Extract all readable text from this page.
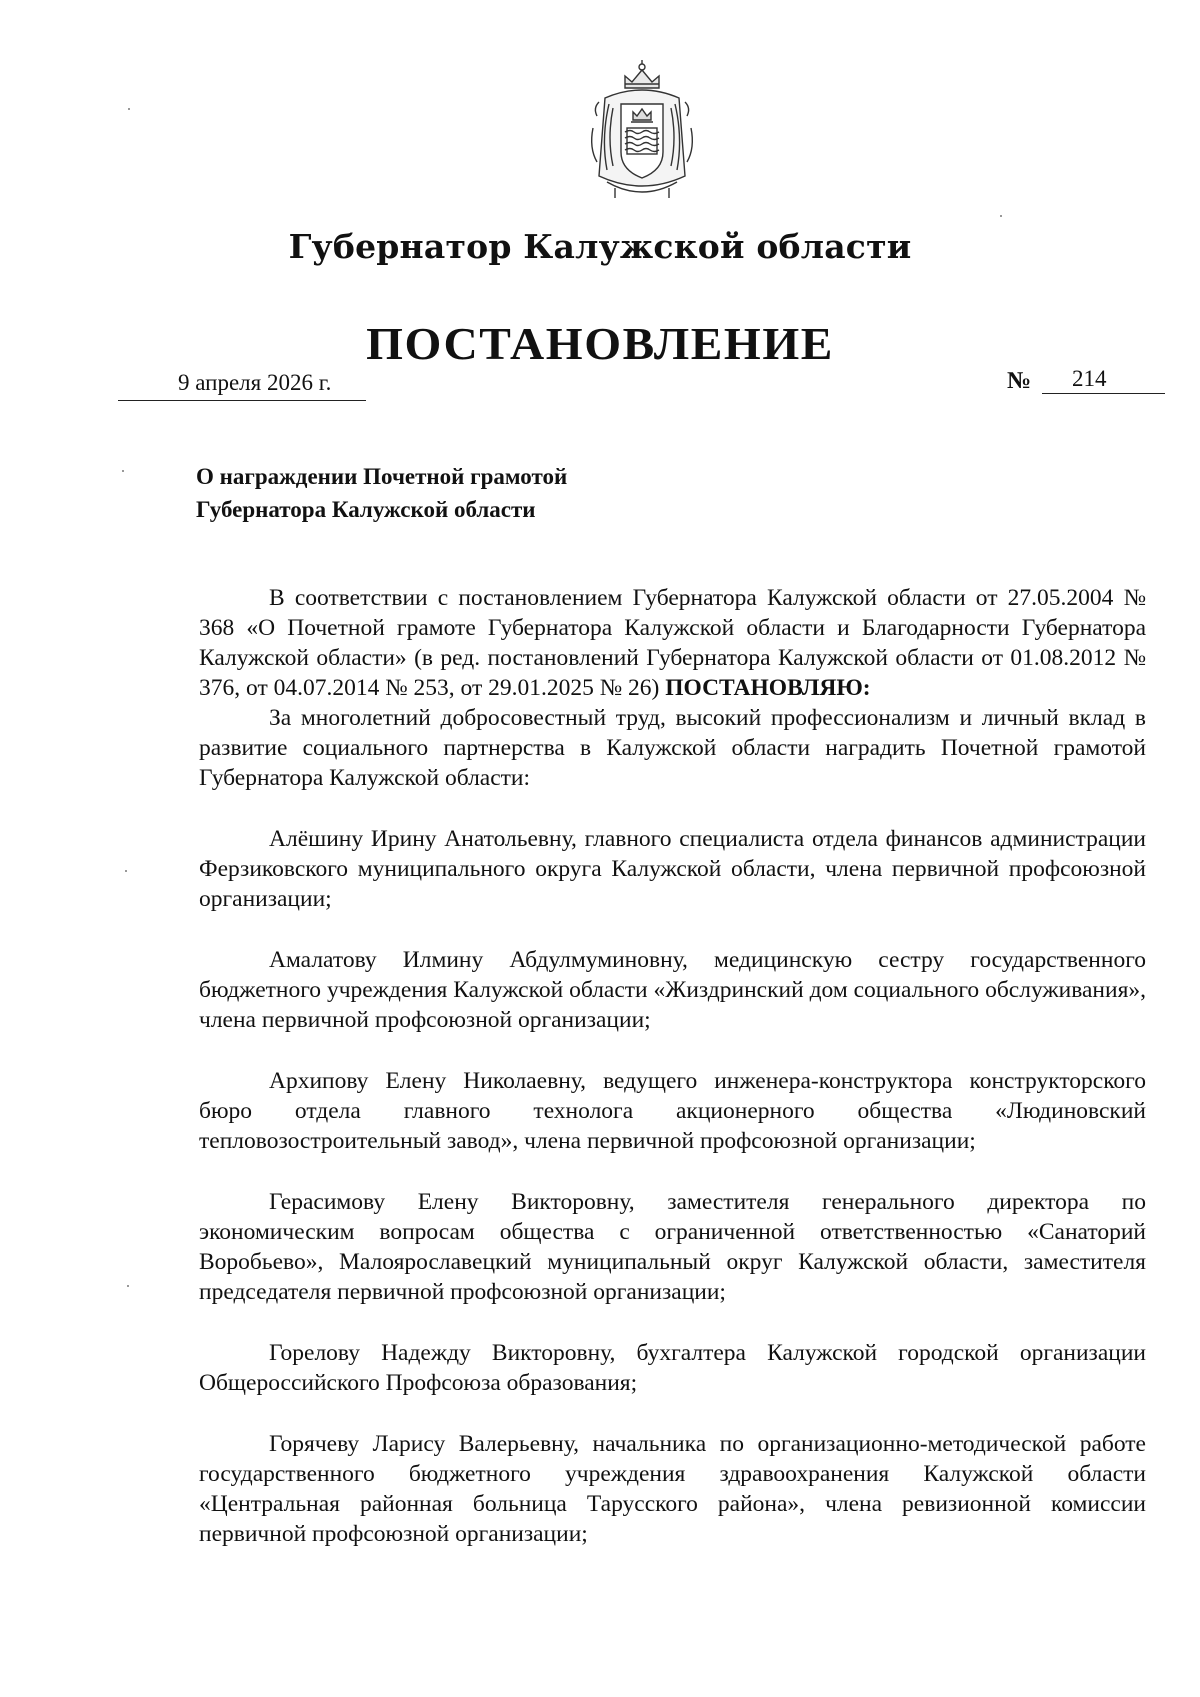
Губернатор Калужской области
ПОСТАНОВЛЕНИЕ
9 апреля 2026 г.	№ 214
О награждении Почетной грамотой
Губернатора Калужской области

В соответствии с постановлением Губернатора Калужской области от 27.05.2004 № 368 «О Почетной грамоте Губернатора Калужской области и Благодарности Губернатора Калужской области» (в ред. постановлений Губернатора Калужской области от 01.08.2012 № 376, от 04.07.2014 № 253, от 29.01.2025 № 26) ПОСТАНОВЛЯЮ:

За многолетний добросовестный труд, высокий профессионализм и личный вклад в развитие социального партнерства в Калужской области наградить Почетной грамотой Губернатора Калужской области:

Алёшину Ирину Анатольевну, главного специалиста отдела финансов администрации Ферзиковского муниципального округа Калужской области, члена первичной профсоюзной организации;

Амалатову Илмину Абдулмуминовну, медицинскую сестру государственного бюджетного учреждения Калужской области «Жиздринский дом социального обслуживания», члена первичной профсоюзной организации;

Архипову Елену Николаевну, ведущего инженера-конструктора конструкторского бюро отдела главного технолога акционерного общества «Людиновский тепловозостроительный завод», члена первичной профсоюзной организации;

Герасимову Елену Викторовну, заместителя генерального директора по экономическим вопросам общества с ограниченной ответственностью «Санаторий Воробьево», Малоярославецкий муниципальный округ Калужской области, заместителя председателя первичной профсоюзной организации;

Горелову Надежду Викторовну, бухгалтера Калужской городской организации Общероссийского Профсоюза образования;

Горячеву Ларису Валерьевну, начальника по организационно-методической работе государственного бюджетного учреждения здравоохранения Калужской области «Центральная районная больница Тарусского района», члена ревизионной комиссии первичной профсоюзной организации;
